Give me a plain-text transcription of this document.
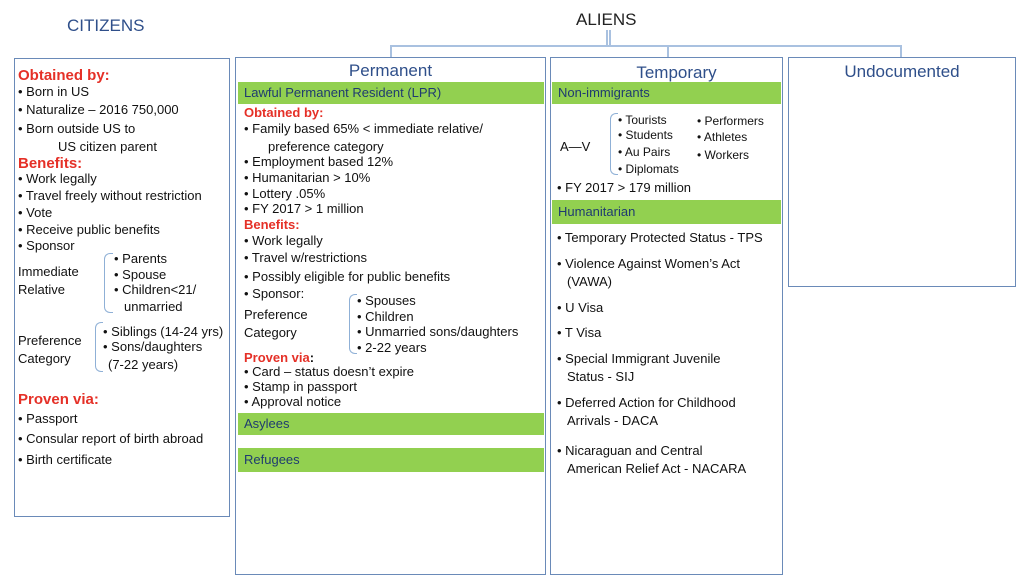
CITIZENS	ALIENS
Obtained by:
• Born in US
• Naturalize – 2016 750,000
• Born outside US to
US citizen parent
Benefits:
• Work legally
• Travel freely without restriction
• Vote
• Receive public benefits
• Sponsor
Immediate
Relative
• Parents
• Spouse
• Children<21/
unmarried
Preference
Category
• Siblings (14-24 yrs)
• Sons/daughters
(7-22 years)
Proven via:
• Passport
• Consular report of birth abroad
• Birth certificate
Permanent
Lawful Permanent Resident (LPR)
Obtained by:
• Family based 65% < immediate relative/
preference category
• Employment based 12%
• Humanitarian > 10%
• Lottery .05%
• FY 2017 > 1 million
Benefits:
• Work legally
• Travel w/restrictions
• Possibly eligible for public benefits
• Sponsor:
Preference
Category
• Spouses
• Children
• Unmarried sons/daughters
• 2-22 years
Proven via:
• Card – status doesn’t expire
• Stamp in passport
• Approval notice
Asylees
Refugees
Temporary
Non-immigrants
A—V
• Tourists
• Students
• Au Pairs
• Diplomats
• Performers
• Athletes
• Workers
• FY 2017 > 179 million
Humanitarian
• Temporary Protected Status - TPS
• Violence Against Women’s Act
(VAWA)
• U Visa
• T Visa
• Special Immigrant Juvenile
Status - SIJ
• Deferred Action for Childhood
Arrivals - DACA
• Nicaraguan and Central
American Relief Act - NACARA
Undocumented
